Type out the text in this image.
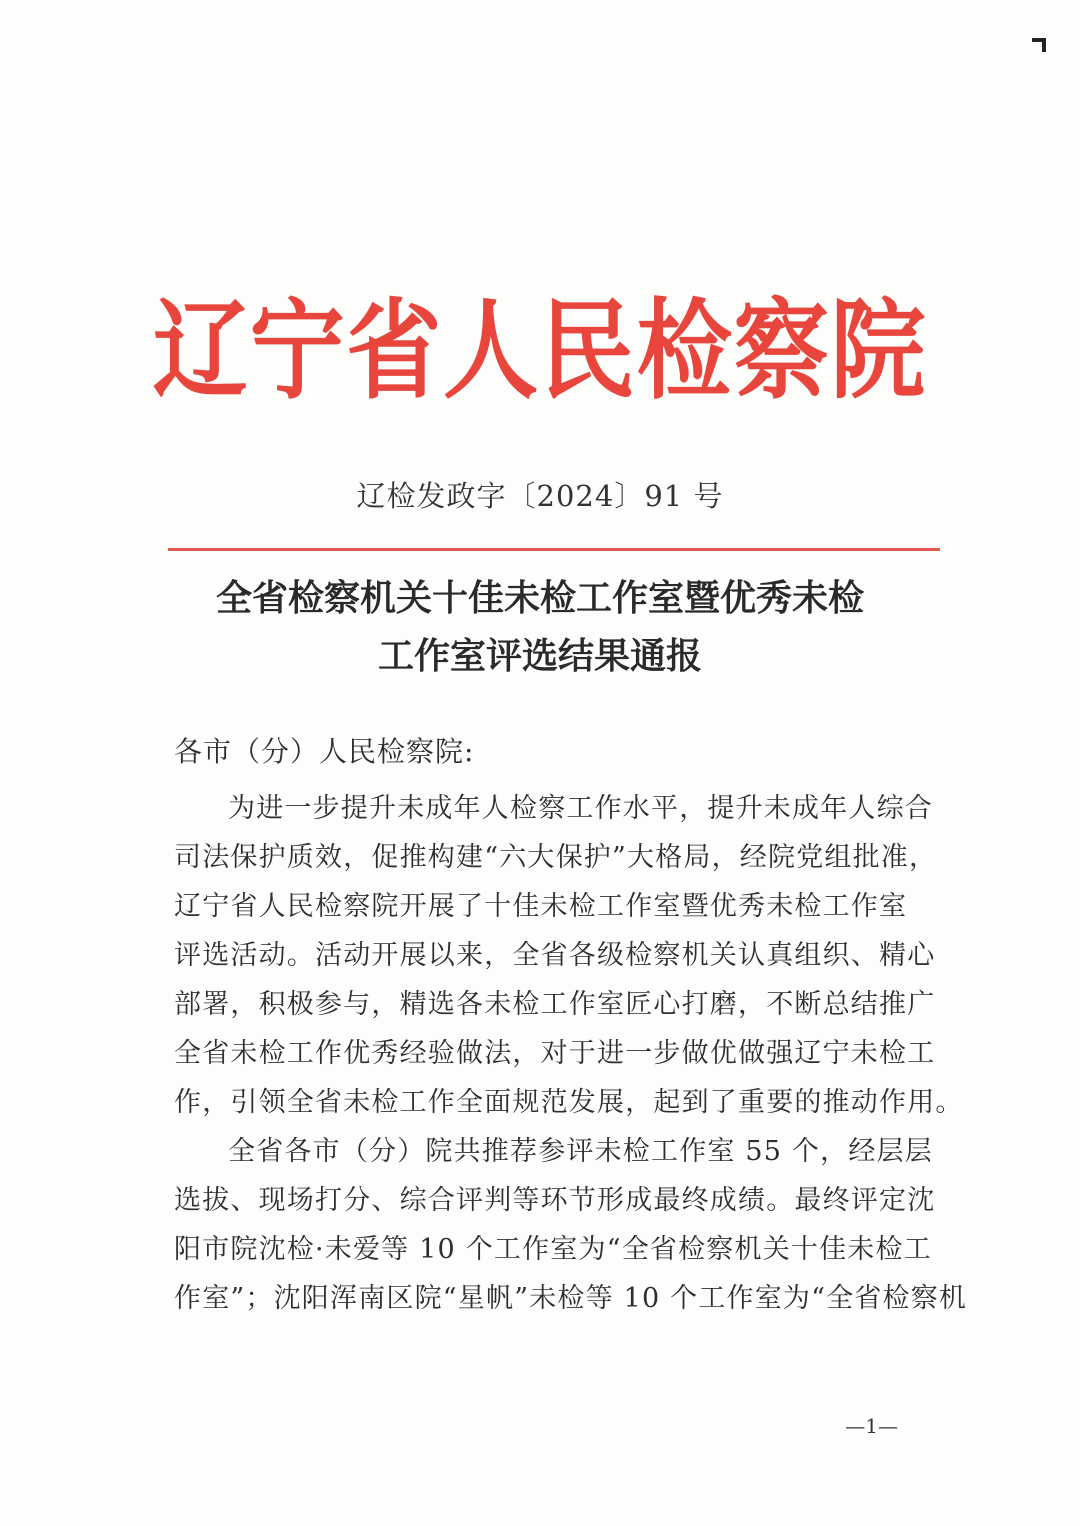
辽宁省人民检察院
辽检发政字〔2024〕91 号
全省检察机关十佳未检工作室暨优秀未检
工作室评选结果通报
各市（分）人民检察院:
为进一步提升未成年人检察工作水平，提升未成年人综合
司法保护质效，促推构建“六大保护”大格局，经院党组批准，
辽宁省人民检察院开展了十佳未检工作室暨优秀未检工作室
评选活动。活动开展以来，全省各级检察机关认真组织、精心
部署，积极参与，精选各未检工作室匠心打磨，不断总结推广
全省未检工作优秀经验做法，对于进一步做优做强辽宁未检工
作，引领全省未检工作全面规范发展，起到了重要的推动作用。
全省各市（分）院共推荐参评未检工作室 55 个，经层层
选拔、现场打分、综合评判等环节形成最终成绩。最终评定沈
阳市院沈检·未爱等 10 个工作室为“全省检察机关十佳未检工
作室”；沈阳浑南区院“星帆”未检等 10 个工作室为“全省检察机
—1—
